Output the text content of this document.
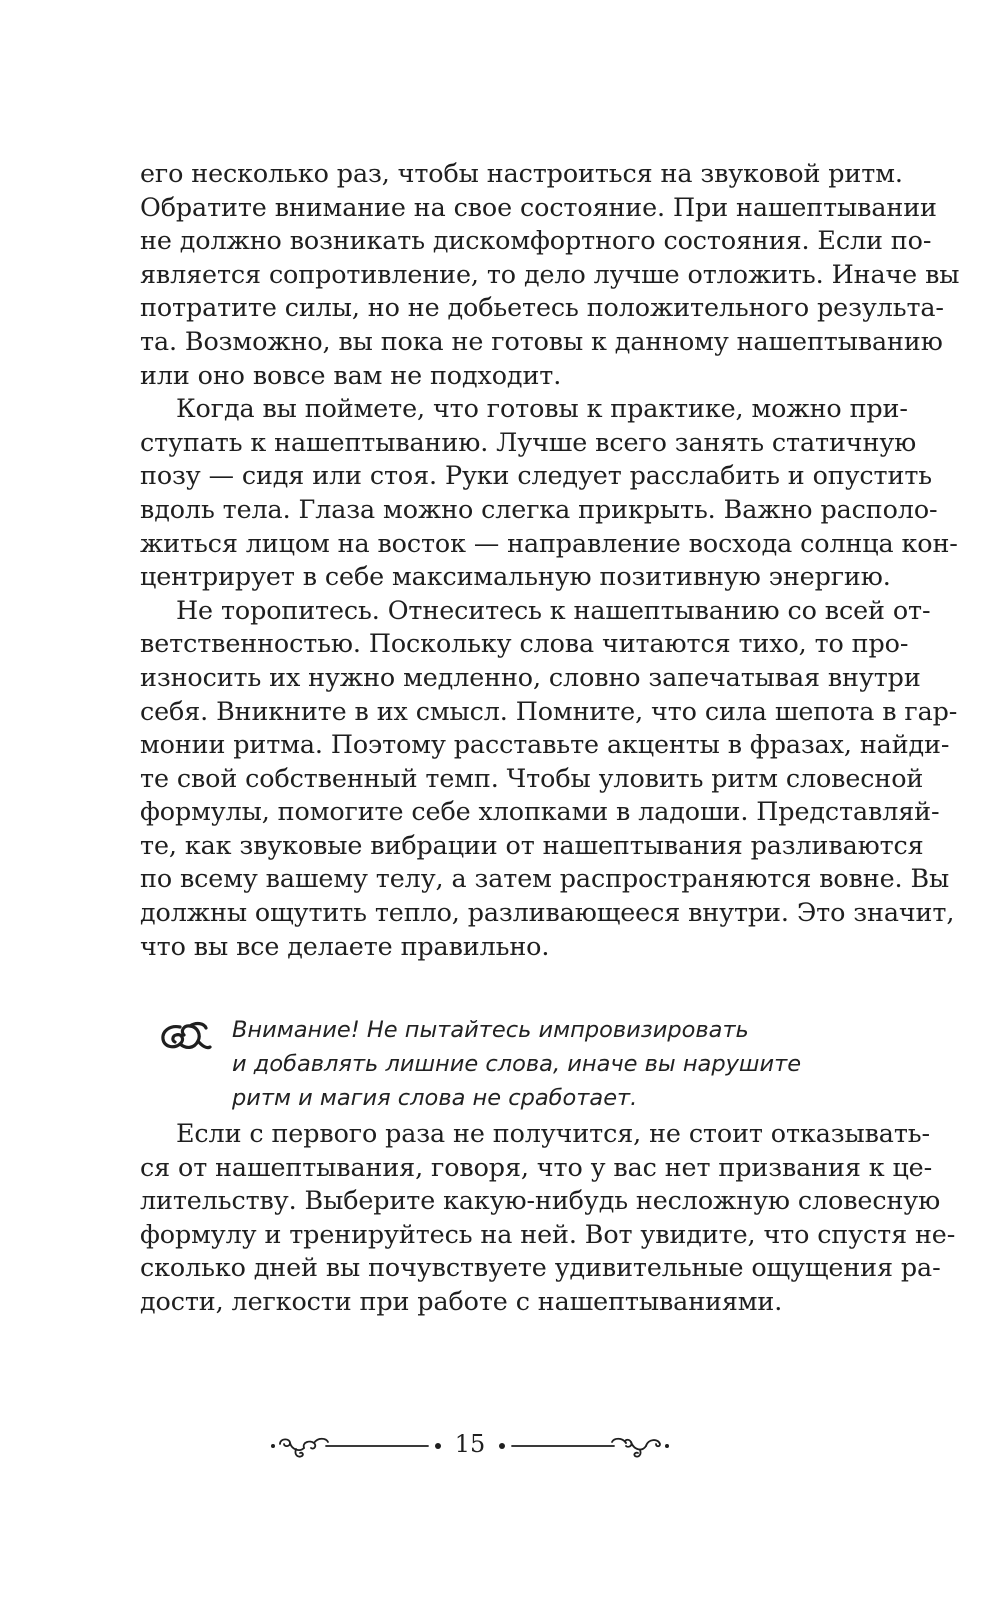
его несколько раз, чтобы настроиться на звуковой ритм.
Обратите внимание на свое состояние. При нашептывании
не должно возникать дискомфортного состояния. Если по-
является сопротивление, то дело лучше отложить. Иначе вы
потратите силы, но не добьетесь положительного результа-
та. Возможно, вы пока не готовы к данному нашептыванию
или оно вовсе вам не подходит.
Когда вы поймете, что готовы к практике, можно при-
ступать к нашептыванию. Лучше всего занять статичную
позу — сидя или стоя. Руки следует расслабить и опустить
вдоль тела. Глаза можно слегка прикрыть. Важно располо-
житься лицом на восток — направление восхода солнца кон-
центрирует в себе максимальную позитивную энергию.
Не торопитесь. Отнеситесь к нашептыванию со всей от-
ветственностью. Поскольку слова читаются тихо, то про-
износить их нужно медленно, словно запечатывая внутри
себя. Вникните в их смысл. Помните, что сила шепота в гар-
монии ритма. Поэтому расставьте акценты в фразах, найди-
те свой собственный темп. Чтобы уловить ритм словесной
формулы, помогите себе хлопками в ладоши. Представляй-
те, как звуковые вибрации от нашептывания разливаются
по всему вашему телу, а затем распространяются вовне. Вы
должны ощутить тепло, разливающееся внутри. Это значит,
что вы все делаете правильно.
Внимание! Не пытайтесь импровизировать
и добавлять лишние слова, иначе вы нарушите
ритм и магия слова не сработает.
Если с первого раза не получится, не стоит отказывать-
ся от нашептывания, говоря, что у вас нет призвания к це-
лительству. Выберите какую-нибудь несложную словесную
формулу и тренируйтесь на ней. Вот увидите, что спустя не-
сколько дней вы почувствуете удивительные ощущения ра-
дости, легкости при работе с нашептываниями.
15
